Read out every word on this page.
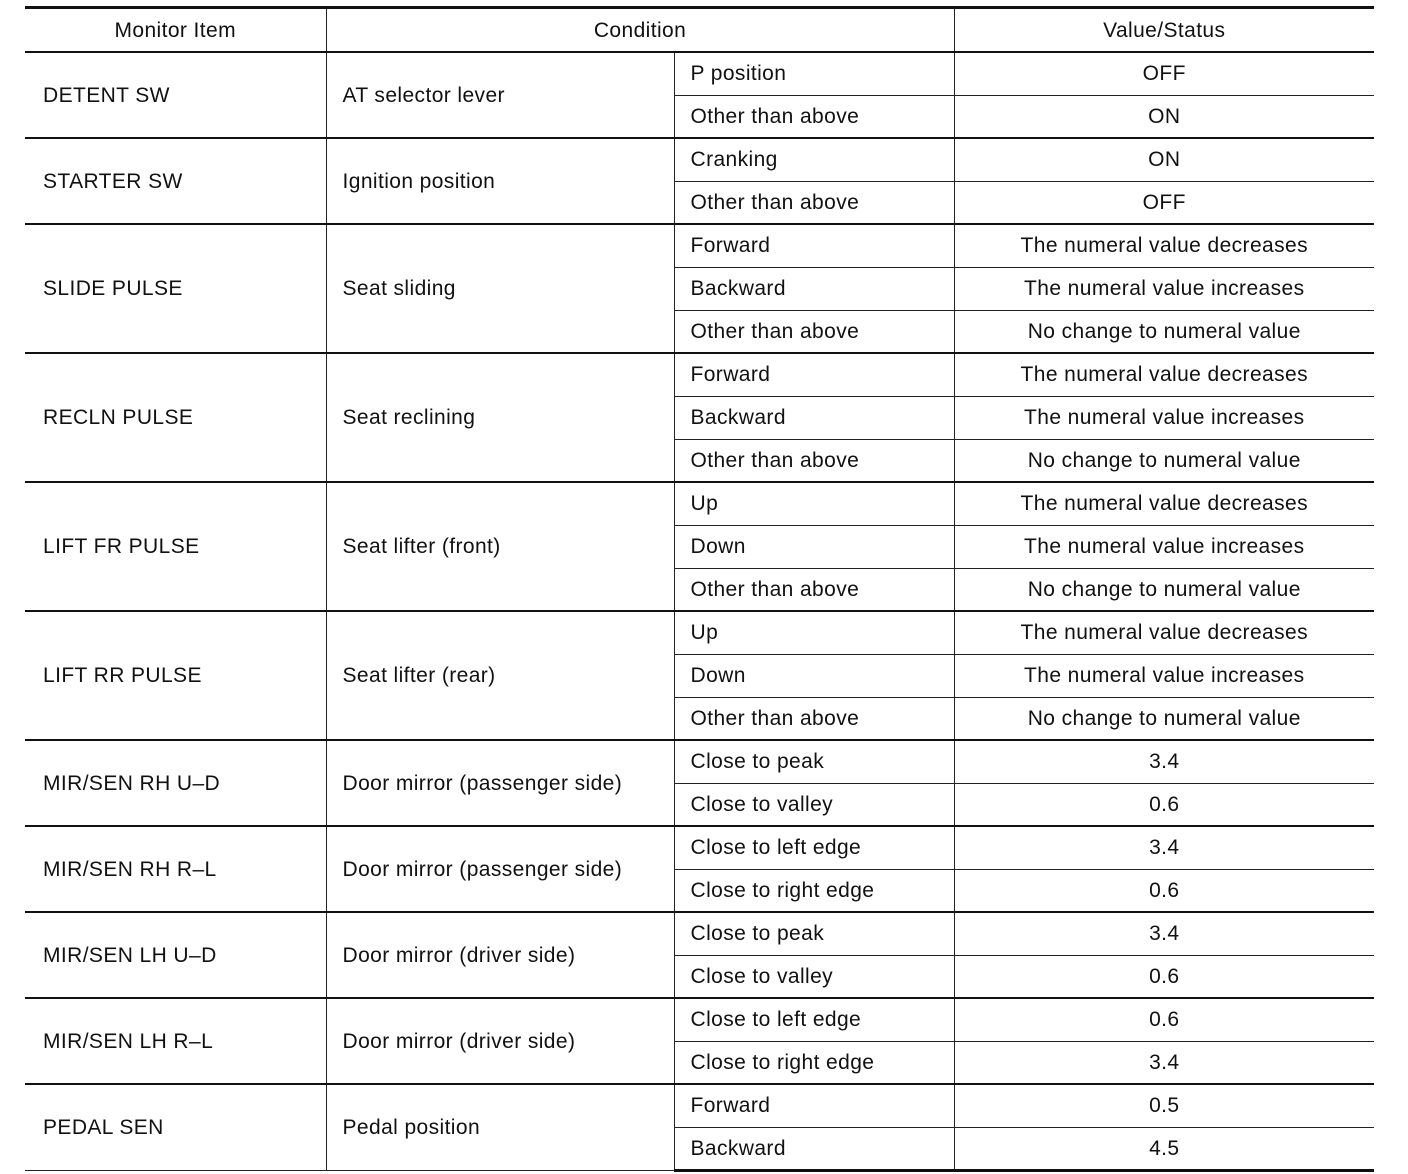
Monitor Item	Condition		Value/Status
DETENT SW	AT selector lever	P position	OFF
		Other than above	ON
STARTER SW	Ignition position	Cranking	ON
		Other than above	OFF
SLIDE PULSE	Seat sliding	Forward	The numeral value decreases
		Backward	The numeral value increases
		Other than above	No change to numeral value
RECLN PULSE	Seat reclining	Forward	The numeral value decreases
		Backward	The numeral value increases
		Other than above	No change to numeral value
LIFT FR PULSE	Seat lifter (front)	Up	The numeral value decreases
		Down	The numeral value increases
		Other than above	No change to numeral value
LIFT RR PULSE	Seat lifter (rear)	Up	The numeral value decreases
		Down	The numeral value increases
		Other than above	No change to numeral value
MIR/SEN RH U–D	Door mirror (passenger side)	Close to peak	3.4
		Close to valley	0.6
MIR/SEN RH R–L	Door mirror (passenger side)	Close to left edge	3.4
		Close to right edge	0.6
MIR/SEN LH U–D	Door mirror (driver side)	Close to peak	3.4
		Close to valley	0.6
MIR/SEN LH R–L	Door mirror (driver side)	Close to left edge	0.6
		Close to right edge	3.4
PEDAL SEN	Pedal position	Forward	0.5
		Backward	4.5
